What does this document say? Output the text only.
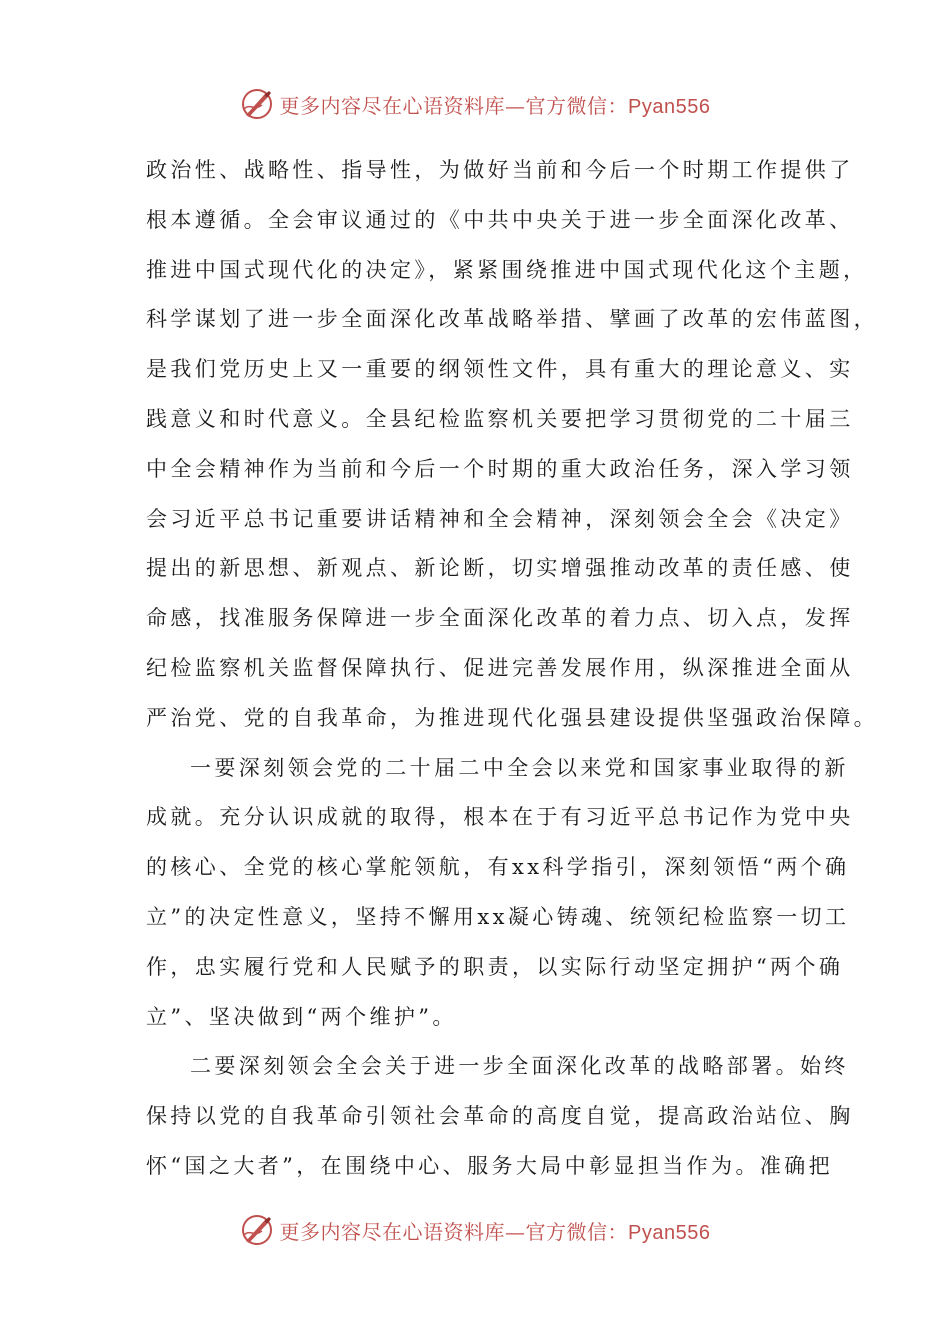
更多内容尽在心语资料库—官方微信：Pyan556
政治性、战略性、指导性，为做好当前和今后一个时期工作提供了
根本遵循。全会审议通过的《中共中央关于进一步全面深化改革、
推进中国式现代化的决定》，紧紧围绕推进中国式现代化这个主题，
科学谋划了进一步全面深化改革战略举措、擘画了改革的宏伟蓝图，
是我们党历史上又一重要的纲领性文件，具有重大的理论意义、实
践意义和时代意义。全县纪检监察机关要把学习贯彻党的二十届三
中全会精神作为当前和今后一个时期的重大政治任务，深入学习领
会习近平总书记重要讲话精神和全会精神，深刻领会全会《决定》
提出的新思想、新观点、新论断，切实增强推动改革的责任感、使
命感，找准服务保障进一步全面深化改革的着力点、切入点，发挥
纪检监察机关监督保障执行、促进完善发展作用，纵深推进全面从
严治党、党的自我革命，为推进现代化强县建设提供坚强政治保障。
一要深刻领会党的二十届二中全会以来党和国家事业取得的新
成就。充分认识成就的取得，根本在于有习近平总书记作为党中央
的核心、全党的核心掌舵领航，有xx科学指引，深刻领悟“两个确
立”的决定性意义，坚持不懈用xx凝心铸魂、统领纪检监察一切工
作，忠实履行党和人民赋予的职责，以实际行动坚定拥护“两个确
立”、坚决做到“两个维护”。
二要深刻领会全会关于进一步全面深化改革的战略部署。始终
保持以党的自我革命引领社会革命的高度自觉，提高政治站位、胸
怀“国之大者”，在围绕中心、服务大局中彰显担当作为。准确把
更多内容尽在心语资料库—官方微信：Pyan556
